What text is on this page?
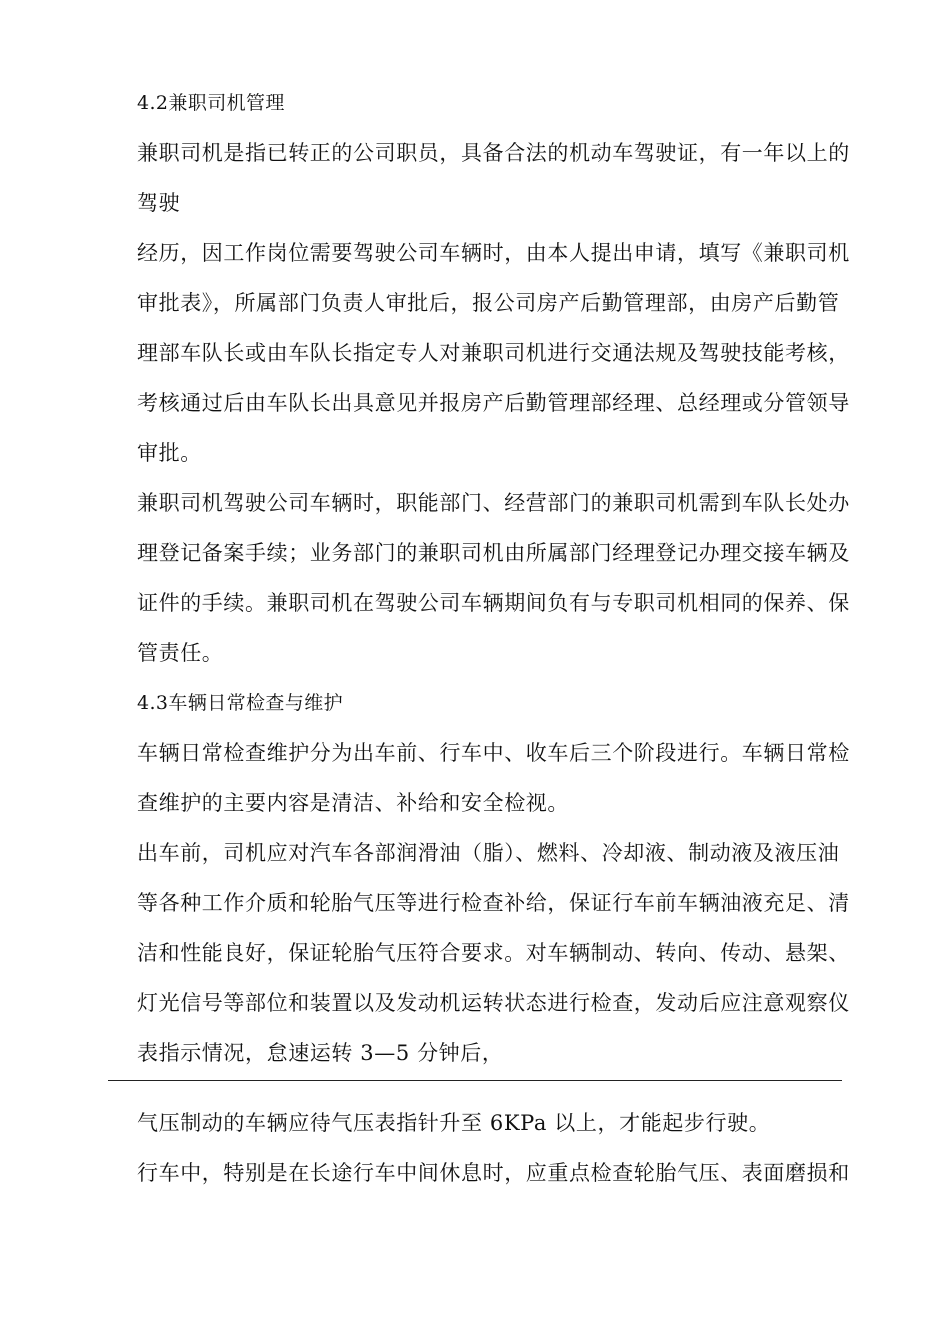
4.2兼职司机管理
兼职司机是指已转正的公司职员，具备合法的机动车驾驶证，有一年以上的
驾驶
经历，因工作岗位需要驾驶公司车辆时，由本人提出申请，填写《兼职司机
审批表》，所属部门负责人审批后，报公司房产后勤管理部，由房产后勤管
理部车队长或由车队长指定专人对兼职司机进行交通法规及驾驶技能考核，
考核通过后由车队长出具意见并报房产后勤管理部经理、总经理或分管领导
审批。
兼职司机驾驶公司车辆时，职能部门、经营部门的兼职司机需到车队长处办
理登记备案手续；业务部门的兼职司机由所属部门经理登记办理交接车辆及
证件的手续。兼职司机在驾驶公司车辆期间负有与专职司机相同的保养、保
管责任。
4.3车辆日常检查与维护
车辆日常检查维护分为出车前、行车中、收车后三个阶段进行。车辆日常检
查维护的主要内容是清洁、补给和安全检视。
出车前，司机应对汽车各部润滑油（脂）、燃料、冷却液、制动液及液压油
等各种工作介质和轮胎气压等进行检查补给，保证行车前车辆油液充足、清
洁和性能良好，保证轮胎气压符合要求。对车辆制动、转向、传动、悬架、
灯光信号等部位和装置以及发动机运转状态进行检查，发动后应注意观察仪
表指示情况，怠速运转 3—5 分钟后，
气压制动的车辆应待气压表指针升至 6KPa 以上，才能起步行驶。
行车中，特别是在长途行车中间休息时，应重点检查轮胎气压、表面磨损和
